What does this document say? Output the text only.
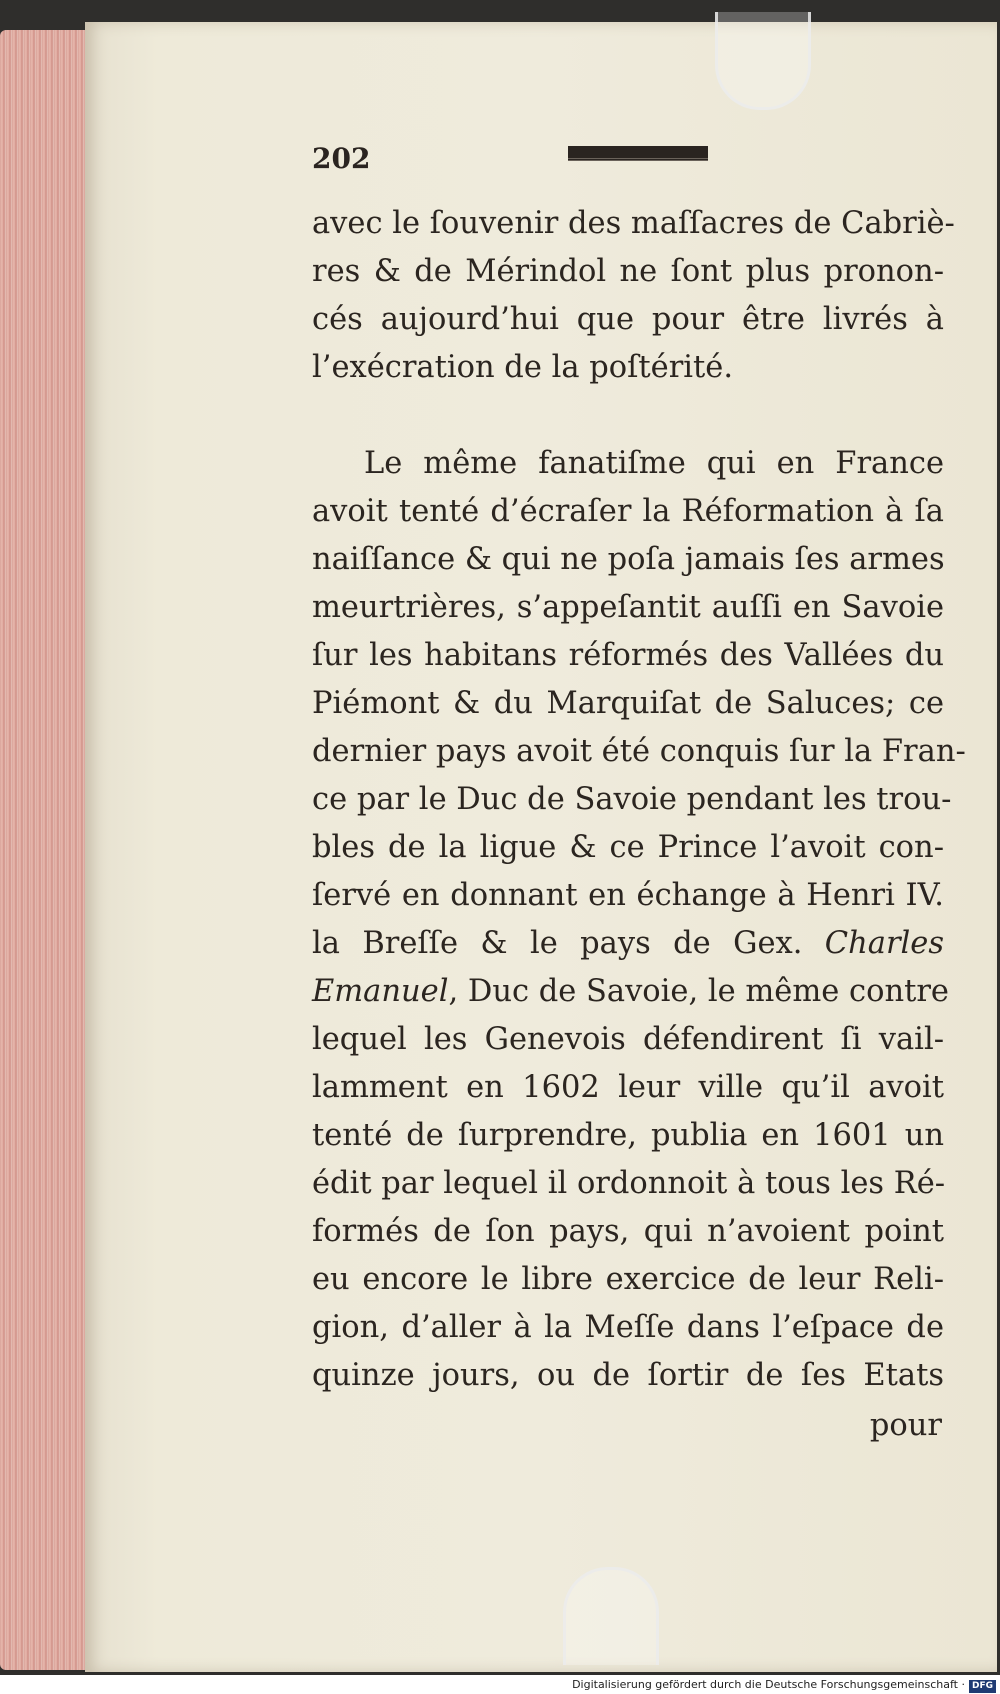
202
avec le ſouvenir des maſſacres de Cabriè-
res & de Mérindol ne ſont plus pronon-
cés aujourd’hui que pour être livrés à
l’exécration de la poſtérité.
Le même fanatiſme qui en France
avoit tenté d’écraſer la Réformation à ſa
naiſſance & qui ne poſa jamais ſes armes
meurtrières, s’appeſantit auſſi en Savoie
ſur les habitans réformés des Vallées du
Piémont & du Marquiſat de Saluces; ce
dernier pays avoit été conquis ſur la Fran-
ce par le Duc de Savoie pendant les trou-
bles de la ligue & ce Prince l’avoit con-
ſervé en donnant en échange à Henri IV.
la Breſſe & le pays de Gex. Charles
Emanuel, Duc de Savoie, le même contre
lequel les Genevois défendirent ſi vail-
lamment en 1602 leur ville qu’il avoit
tenté de ſurprendre, publia en 1601 un
édit par lequel il ordonnoit à tous les Ré-
formés de ſon pays, qui n’avoient point
eu encore le libre exercice de leur Reli-
gion, d’aller à la Meſſe dans l’eſpace de
quinze jours, ou de ſortir de ſes Etats
pour
Digitalisierung gefördert durch die Deutsche Forschungsgemeinschaft · DFG
